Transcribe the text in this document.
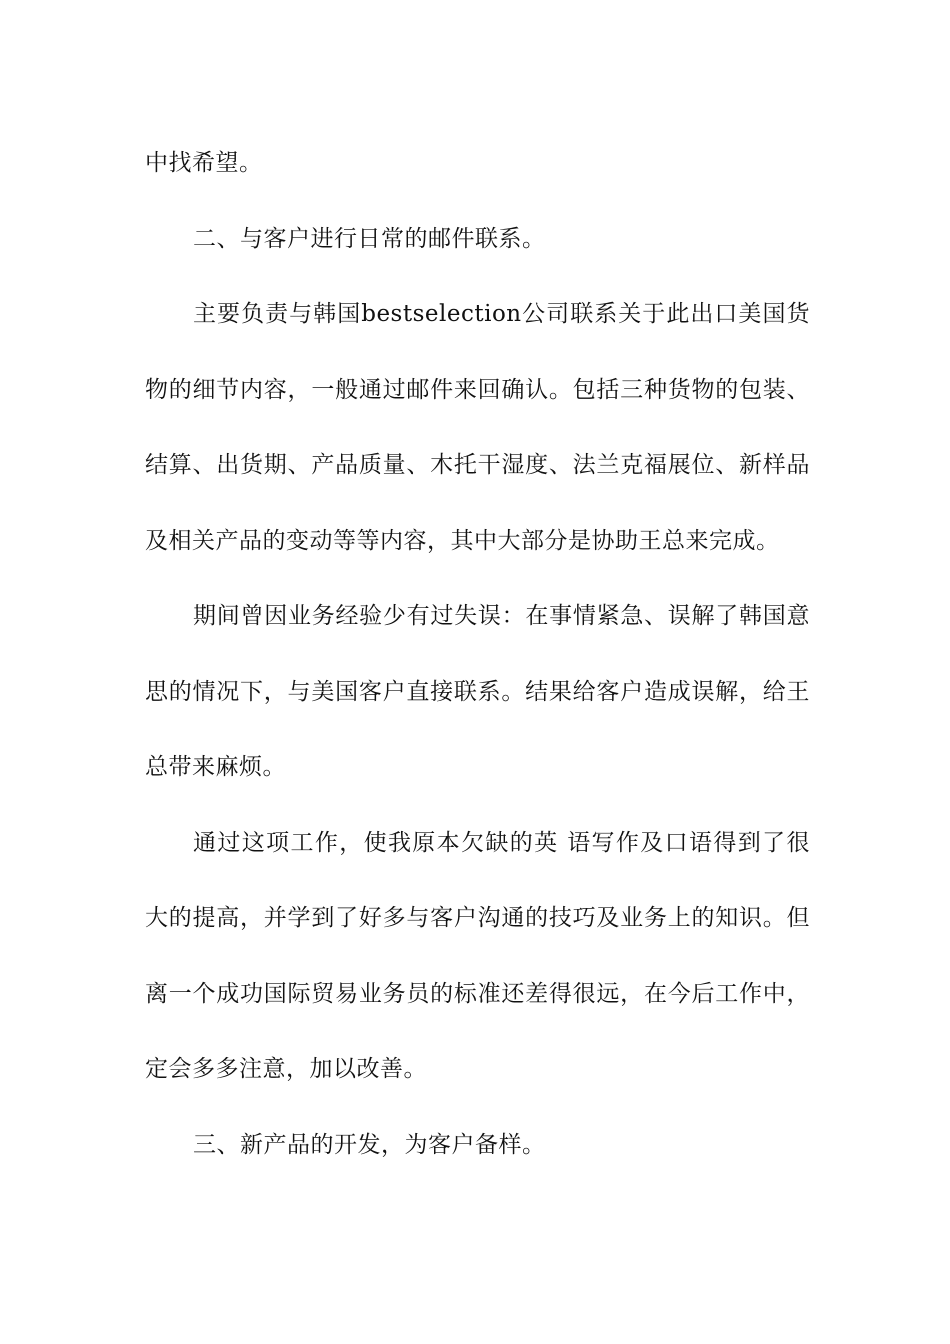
中找希望。

二、与客户进行日常的邮件联系。

主要负责与韩国bestselection公司联系关于此出口美国货物的细节内容，一般通过邮件来回确认。包括三种货物的包装、结算、出货期、产品质量、木托干湿度、法兰克福展位、新样品及相关产品的变动等等内容，其中大部分是协助王总来完成。

期间曾因业务经验少有过失误：在事情紧急、误解了韩国意思的情况下，与美国客户直接联系。结果给客户造成误解，给王总带来麻烦。

通过这项工作，使我原本欠缺的英 语写作及口语得到了很大的提高，并学到了好多与客户沟通的技巧及业务上的知识。但离一个成功国际贸易业务员的标准还差得很远，在今后工作中，定会多多注意，加以改善。

三、新产品的开发，为客户备样。
